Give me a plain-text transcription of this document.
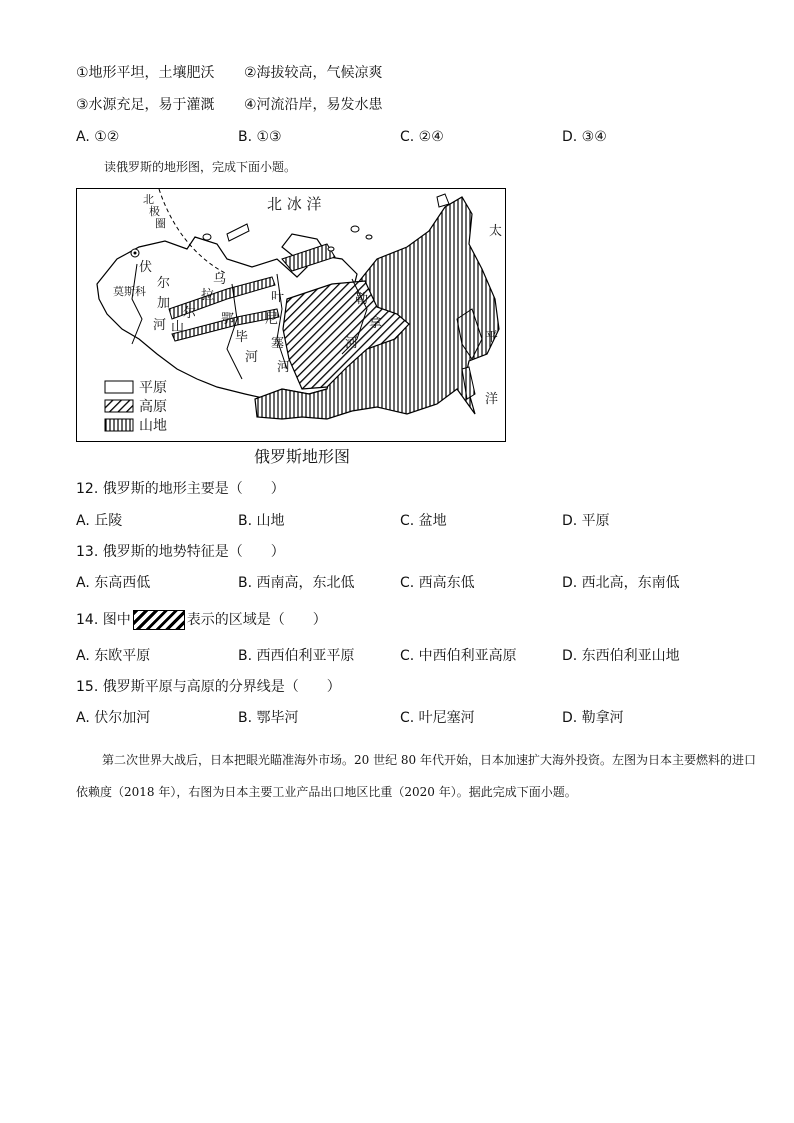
①地形平坦，土壤肥沃 ②海拔较高，气候凉爽
③水源充足，易于灌溉 ④河流沿岸，易发水患
A. ①②	B. ①③	C. ②④	D. ③④
读俄罗斯的地形图，完成下面小题。
北 冰 洋
太
平
洋
北
极
圈
莫斯科
伏
尔
加
河
乌
拉
尔
山
鄂
毕
河
叶
尼
塞
河
勒
拿
河
平原
高原
山地
俄罗斯地形图
12. 俄罗斯的地形主要是（　　）
A. 丘陵	B. 山地	C. 盆地	D. 平原
13. 俄罗斯的地势特征是（　　）
A. 东高西低	B. 西南高，东北低	C. 西高东低	D. 西北高，东南低
14. 图中	表示的区域是（　　）
A. 东欧平原	B. 西西伯利亚平原	C. 中西伯利亚高原	D. 东西伯利亚山地
15. 俄罗斯平原与高原的分界线是（　　）
A. 伏尔加河	B. 鄂毕河	C. 叶尼塞河	D. 勒拿河
第二次世界大战后，日本把眼光瞄准海外市场。20 世纪 80 年代开始，日本加速扩大海外投资。左图为日本主要燃料的进口依赖度（2018 年），右图为日本主要工业产品出口地区比重（2020 年）。据此完成下面小题。
